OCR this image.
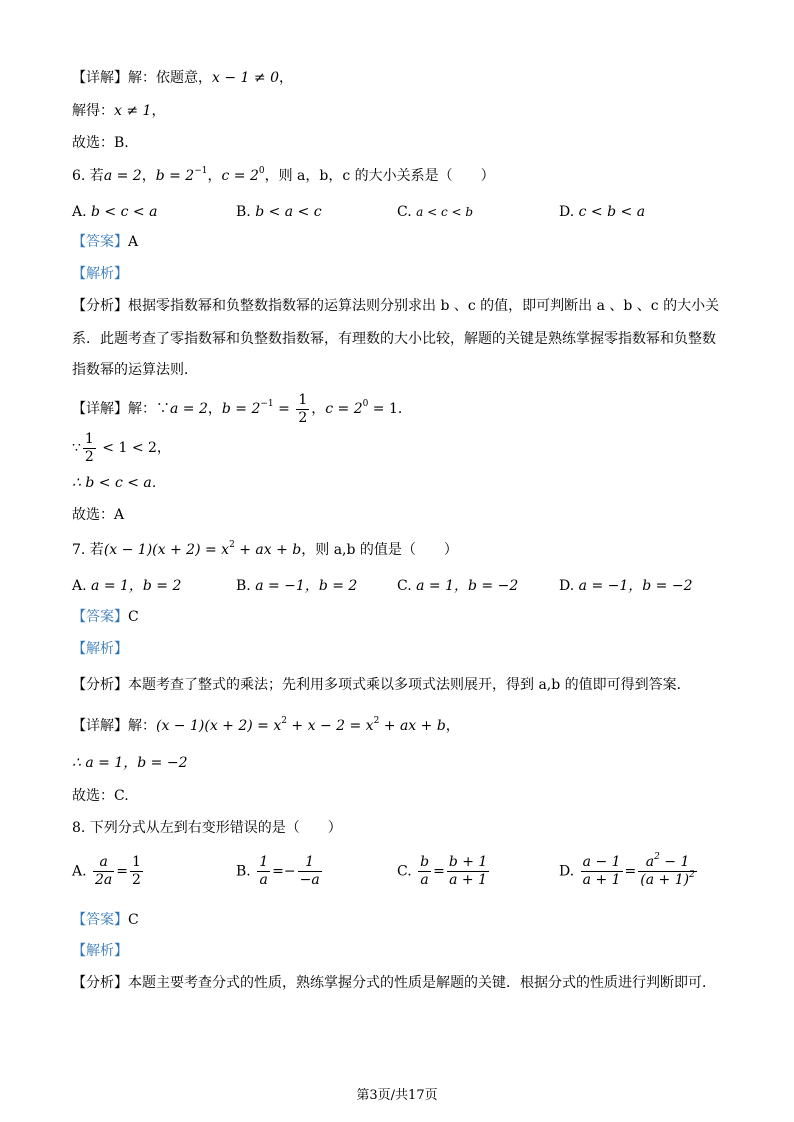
【详解】解：依题意，x − 1 ≠ 0，
解得：x ≠ 1，
故选：B.
6. 若a = 2，$b = 2^{-1}$，$c = 2^0$，则 a，b，c 的大小关系是（　　）
A. b < c < a	B. b < a < c	C. a < c < b	D. c < b < a
【答案】A
【解析】
【分析】根据零指数幂和负整数指数幂的运算法则分别求出 b 、c 的值，即可判断出 a 、b 、c 的大小关
系．此题考查了零指数幂和负整数指数幂，有理数的大小比较，解题的关键是熟练掌握零指数幂和负整数
指数幂的运算法则．
【详解】解：∵a = 2，$b = 2^{-1} = \frac{1}{2}$ ，$c = 2^0 = 1$．
∵ $\frac{1}{2} < 1 < 2$，
∴ b < c < a．
故选：A
7. 若$(x - 1)(x + 2) = x^2$ + ax + b，则 a,b 的值是（　　）
A. a = 1，b = 2	B. a = −1，b = 2	C. a = 1，b = −2	D. a = −1，b = −2
【答案】C
【解析】
【分析】本题考查了整式的乘法；先利用多项式乘以多项式法则展开，得到 a,b 的值即可得到答案．
【详解】解：$(x - 1)(x + 2) = x^2 + x - 2 = x^2$ + ax + b，
∴ a = 1，b = −2
故选：C.
8. 下列分式从左到右变形错误的是（　　）
A. $\frac{a}{2a} = \frac{1}{2}$	B. $\frac{1}{a} =- \frac{1}{-a}$	C. $\frac{b}{a} = \frac{b + 1}{a + 1}$	D. $\frac{a - 1}{a + 1} = \frac{a^2 - 1}{(a + 1)^2}$
【答案】C
【解析】
【分析】本题主要考查分式的性质，熟练掌握分式的性质是解题的关键．根据分式的性质进行判断即可．
第3页/共17页
